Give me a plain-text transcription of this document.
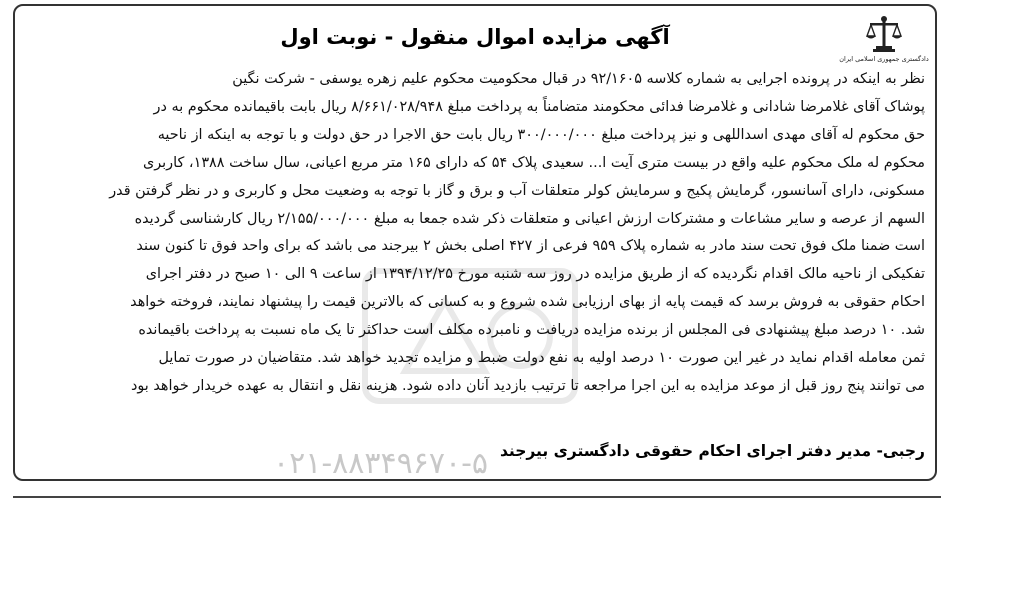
دادگستری جمهوری اسلامی ایران
آگهی مزایده اموال منقول - نوبت اول
نظر به اینکه در پرونده اجرایی به شماره کلاسه ۹۲/۱۶۰۵ در قبال محکومیت محکوم علیم زهره یوسفی - شرکت نگین
پوشاک آقای غلامرضا شادانی و غلامرضا فدائی محکومند متضامناً به پرداخت مبلغ ۸/۶۶۱/۰۲۸/۹۴۸ ریال بابت باقیمانده محکوم به در
حق محکوم له آقای مهدی اسداللهی و نیز پرداخت مبلغ ۳۰۰/۰۰۰/۰۰۰ ریال بابت حق الاجرا در حق دولت و با توجه به اینکه از ناحیه
محکوم له ملک محکوم علیه واقع در بیست متری آیت ا... سعیدی پلاک ۵۴ که دارای ۱۶۵ متر مربع اعیانی، سال ساخت ۱۳۸۸، کاربری
مسکونی، دارای آسانسور، گرمایش پکیج و سرمایش کولر متعلقات آب و برق و گاز با توجه به وضعیت محل و کاربری و در نظر گرفتن قدر
السهم از عرصه و سایر مشاعات و مشترکات ارزش اعیانی و متعلقات ذکر شده جمعا به مبلغ ۲/۱۵۵/۰۰۰/۰۰۰ ریال کارشناسی گردیده
است ضمنا ملک فوق تحت سند مادر به شماره پلاک ۹۵۹ فرعی از ۴۲۷ اصلی بخش ۲ بیرجند می باشد که برای واحد فوق تا کنون سند
تفکیکی از ناحیه مالک اقدام نگردیده که از طریق مزایده در روز سه شنبه مورخ ۱۳۹۴/۱۲/۲۵ از ساعت ۹ الی ۱۰ صبح در دفتر اجرای
احکام حقوقی به فروش برسد که قیمت پایه از بهای ارزیابی شده شروع و به کسانی که بالاترین قیمت را پیشنهاد نمایند، فروخته خواهد
شد. ۱۰ درصد مبلغ پیشنهادی فی المجلس از برنده مزایده دریافت و نامبرده مکلف است حداکثر تا یک ماه نسبت به پرداخت باقیمانده
ثمن معامله اقدام نماید در غیر این صورت ۱۰ درصد اولیه به نفع دولت ضبط و مزایده تجدید خواهد شد. متقاضیان در صورت تمایل
می توانند پنج روز قبل از موعد مزایده به این اجرا مراجعه تا ترتیب بازدید آنان داده شود. هزینه نقل و انتقال به عهده خریدار خواهد بود
۰۲۱-۸۸۳۴۹۶۷۰-۵ رجبی- مدیر دفتر اجرای احکام حقوقی دادگستری بیرجند
